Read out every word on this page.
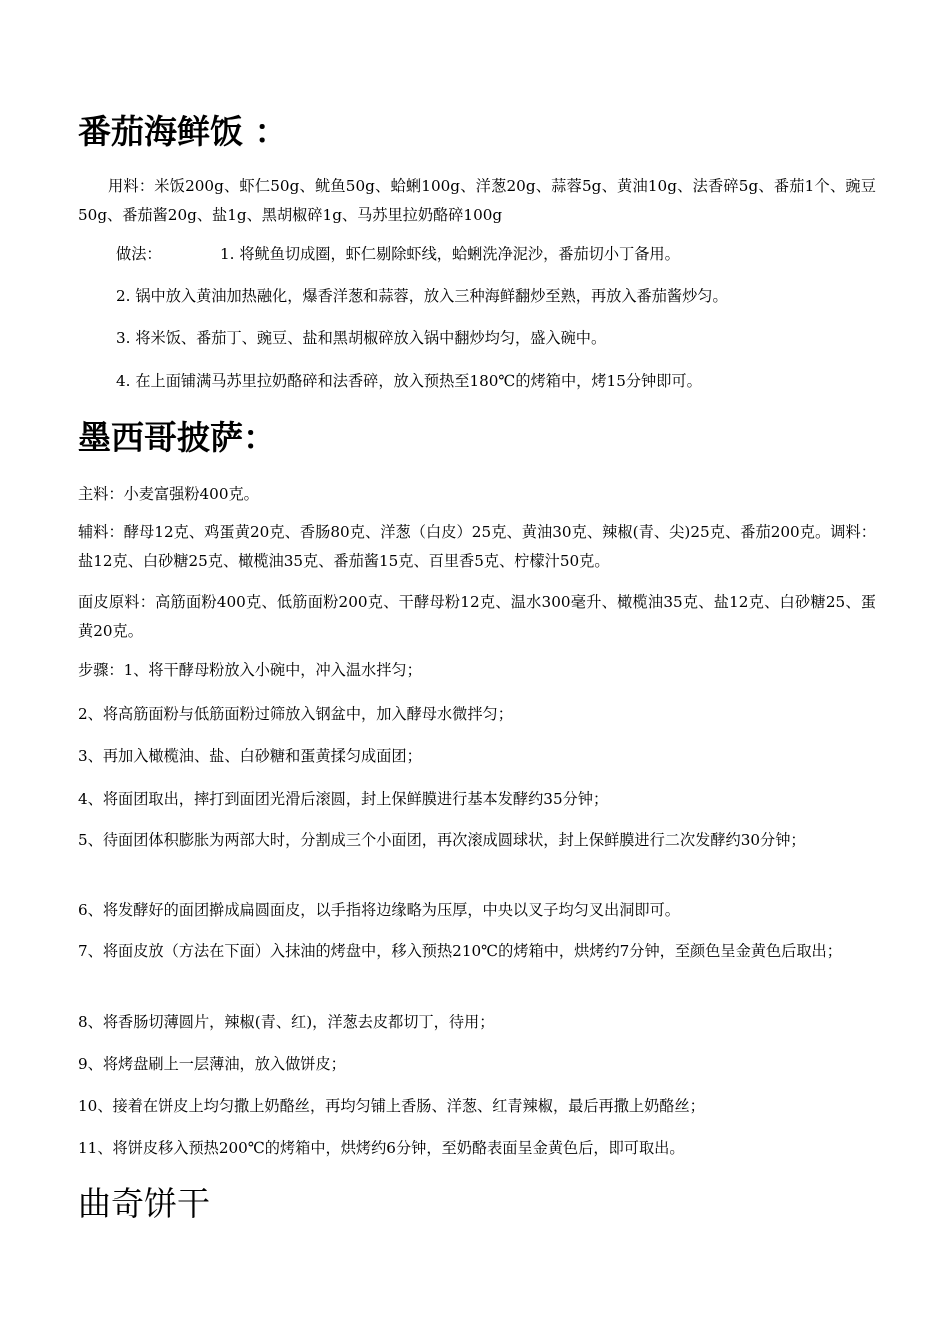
番茄海鲜饭 ：
用料：米饭200g、虾仁50g、鱿鱼50g、蛤蜊100g、洋葱20g、蒜蓉5g、黄油10g、法香碎5g、番茄1个、豌豆50g、番茄酱20g、盐1g、黑胡椒碎1g、马苏里拉奶酪碎100g
做法：	1. 将鱿鱼切成圈，虾仁剔除虾线，蛤蜊洗净泥沙，番茄切小丁备用。
2. 锅中放入黄油加热融化，爆香洋葱和蒜蓉，放入三种海鲜翻炒至熟，再放入番茄酱炒匀。
3. 将米饭、番茄丁、豌豆、盐和黑胡椒碎放入锅中翻炒均匀，盛入碗中。
4. 在上面铺满马苏里拉奶酪碎和法香碎，放入预热至180℃的烤箱中，烤15分钟即可。
墨西哥披萨：
主料：小麦富强粉400克。
辅料：酵母12克、鸡蛋黄20克、香肠80克、洋葱（白皮）25克、黄油30克、辣椒(青、尖)25克、番茄200克。调料：盐12克、白砂糖25克、橄榄油35克、番茄酱15克、百里香5克、柠檬汁50克。
面皮原料：高筋面粉400克、低筋面粉200克、干酵母粉12克、温水300毫升、橄榄油35克、盐12克、白砂糖25、蛋黄20克。
步骤：1、将干酵母粉放入小碗中，冲入温水拌匀；
2、将高筋面粉与低筋面粉过筛放入钢盆中，加入酵母水微拌匀；
3、再加入橄榄油、盐、白砂糖和蛋黄揉匀成面团；
4、将面团取出，摔打到面团光滑后滚圆，封上保鲜膜进行基本发酵约35分钟；
5、待面团体积膨胀为两部大时，分割成三个小面团，再次滚成圆球状，封上保鲜膜进行二次发酵约30分钟；
6、将发酵好的面团擀成扁圆面皮，以手指将边缘略为压厚，中央以叉子均匀叉出洞即可。
7、将面皮放（方法在下面）入抹油的烤盘中，移入预热210℃的烤箱中，烘烤约7分钟，至颜色呈金黄色后取出；
8、将香肠切薄圆片，辣椒(青、红)，洋葱去皮都切丁，待用；
9、将烤盘刷上一层薄油，放入做饼皮；
10、接着在饼皮上均匀撒上奶酪丝，再均匀铺上香肠、洋葱、红青辣椒，最后再撒上奶酪丝；
11、将饼皮移入预热200℃的烤箱中，烘烤约6分钟，至奶酪表面呈金黄色后，即可取出。
曲奇饼干
